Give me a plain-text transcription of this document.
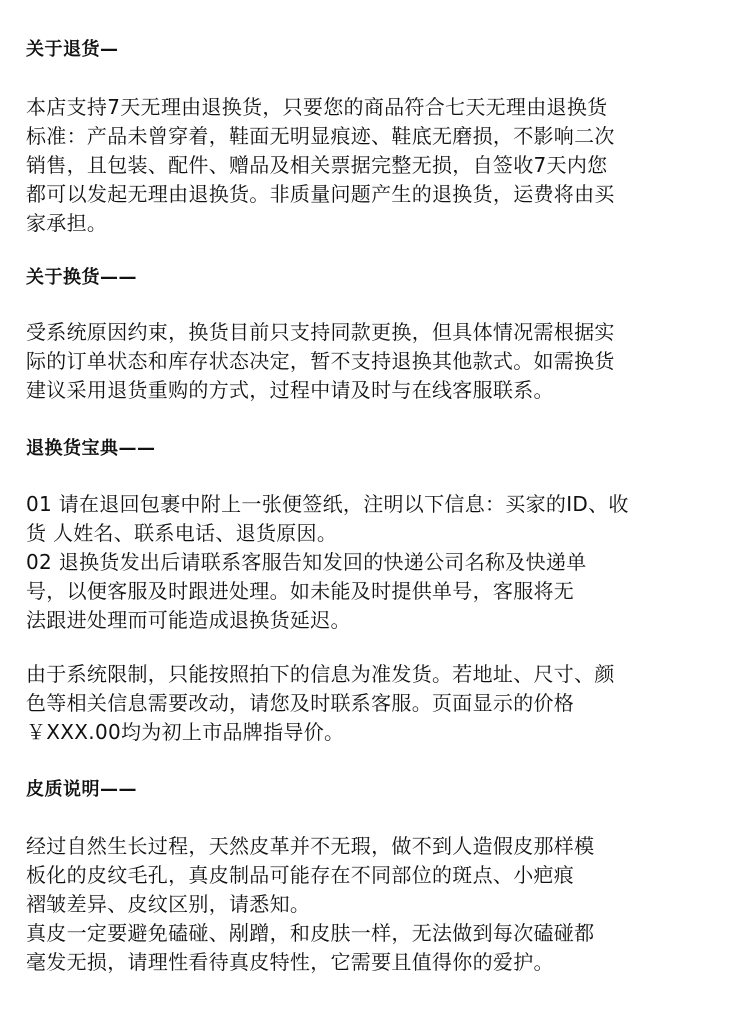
关于退货—
本店支持7天无理由退换货，只要您的商品符合七天无理由退换货
标准：产品未曾穿着，鞋面无明显痕迹、鞋底无磨损，不影响二次
销售，且包装、配件、赠品及相关票据完整无损，自签收7天内您
都可以发起无理由退换货。非质量问题产生的退换货，运费将由买
家承担。
关于换货——
受系统原因约束，换货目前只支持同款更换，但具体情况需根据实
际的订单状态和库存状态决定，暂不支持退换其他款式。如需换货
建议采用退货重购的方式，过程中请及时与在线客服联系。
退换货宝典——
01 请在退回包裹中附上一张便签纸，注明以下信息：买家的ID、收
货 人姓名、联系电话、退货原因。
02 退换货发出后请联系客服告知发回的快递公司名称及快递单
号，以便客服及时跟进处理。如未能及时提供单号，客服将无
法跟进处理而可能造成退换货延迟。
由于系统限制，只能按照拍下的信息为准发货。若地址、尺寸、颜
色等相关信息需要改动，请您及时联系客服。页面显示的价格
￥XXX.00均为初上市品牌指导价。
皮质说明——
经过自然生长过程，天然皮革并不无瑕，做不到人造假皮那样模
板化的皮纹毛孔，真皮制品可能存在不同部位的斑点、小疤痕
褶皱差异、皮纹区别，请悉知。
真皮一定要避免磕碰、剐蹭，和皮肤一样，无法做到每次磕碰都
毫发无损，请理性看待真皮特性，它需要且值得你的爱护。
